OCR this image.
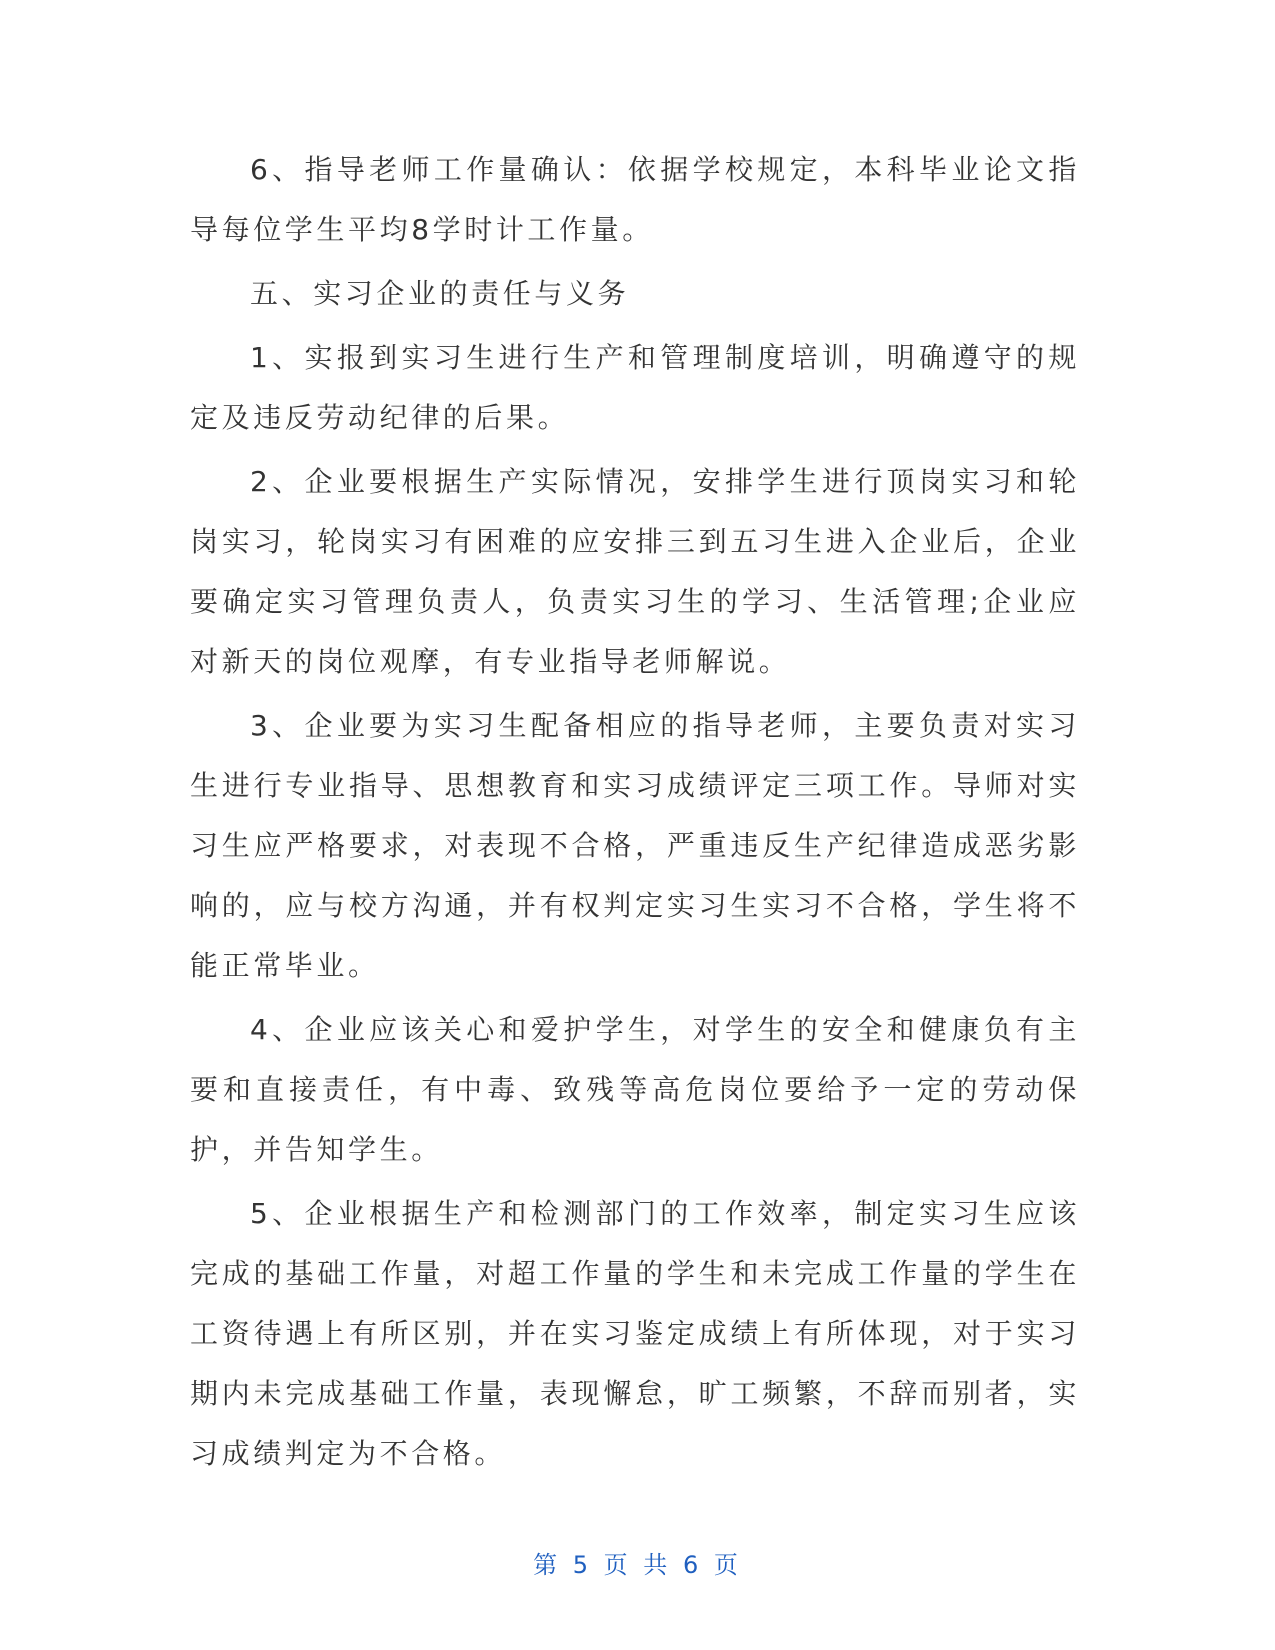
6、指导老师工作量确认：依据学校规定，本科毕业论文指导每位学生平均8学时计工作量。

五、实习企业的责任与义务

1、实报到实习生进行生产和管理制度培训，明确遵守的规定及违反劳动纪律的后果。

2、企业要根据生产实际情况，安排学生进行顶岗实习和轮岗实习，轮岗实习有困难的应安排三到五习生进入企业后，企业要确定实习管理负责人，负责实习生的学习、生活管理;企业应对新天的岗位观摩，有专业指导老师解说。

3、企业要为实习生配备相应的指导老师，主要负责对实习生进行专业指导、思想教育和实习成绩评定三项工作。导师对实习生应严格要求，对表现不合格，严重违反生产纪律造成恶劣影响的，应与校方沟通，并有权判定实习生实习不合格，学生将不能正常毕业。

4、企业应该关心和爱护学生，对学生的安全和健康负有主要和直接责任，有中毒、致残等高危岗位要给予一定的劳动保护，并告知学生。

5、企业根据生产和检测部门的工作效率，制定实习生应该完成的基础工作量，对超工作量的学生和未完成工作量的学生在工资待遇上有所区别，并在实习鉴定成绩上有所体现，对于实习期内未完成基础工作量，表现懈怠，旷工频繁，不辞而别者，实习成绩判定为不合格。

第 5 页 共 6 页
